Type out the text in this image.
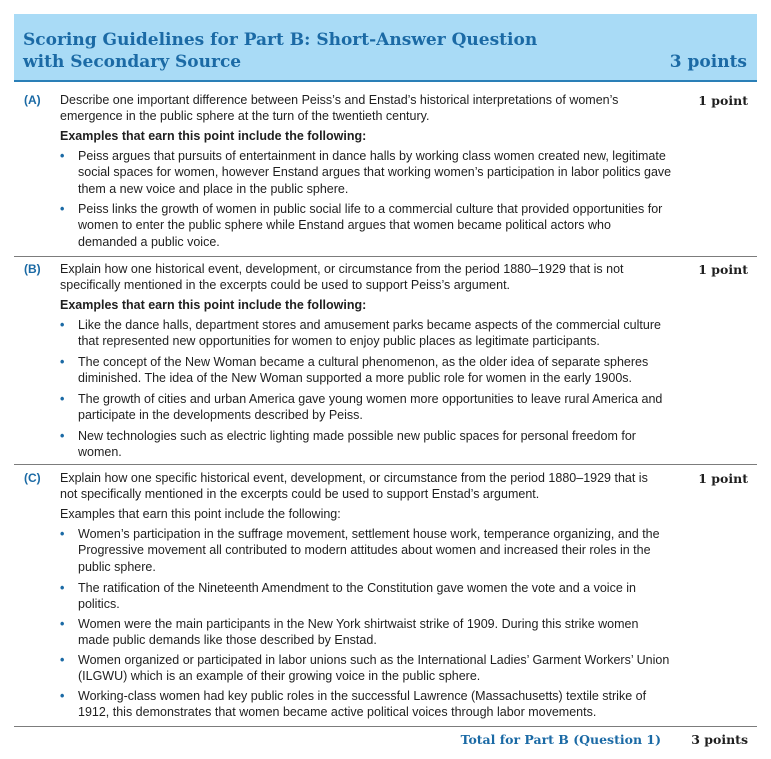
Scoring Guidelines for Part B: Short-Answer Question with Secondary Source	3 points
(A) Describe one important difference between Peiss’s and Enstad’s historical interpretations of women’s emergence in the public sphere at the turn of the twentieth century.
1 point
Examples that earn this point include the following:
•	Peiss argues that pursuits of entertainment in dance halls by working class women created new, legitimate social spaces for women, however Enstand argues that working women’s participation in labor politics gave them a new voice and place in the public sphere.
•	Peiss links the growth of women in public social life to a commercial culture that provided opportunities for women to enter the public sphere while Enstand argues that women became political actors who demanded a public voice.
(B) Explain how one historical event, development, or circumstance from the period 1880–1929 that is not specifically mentioned in the excerpts could be used to support Peiss’s argument.
1 point
Examples that earn this point include the following:
•	Like the dance halls, department stores and amusement parks became aspects of the commercial culture that represented new opportunities for women to enjoy public places as legitimate participants.
•	The concept of the New Woman became a cultural phenomenon, as the older idea of separate spheres diminished. The idea of the New Woman supported a more public role for women in the early 1900s.
•	The growth of cities and urban America gave young women more opportunities to leave rural America and participate in the developments described by Peiss.
•	New technologies such as electric lighting made possible new public spaces for personal freedom for women.
(C) Explain how one specific historical event, development, or circumstance from the period 1880–1929 that is not specifically mentioned in the excerpts could be used to support Enstad’s argument.
1 point
Examples that earn this point include the following:
•	Women’s participation in the suffrage movement, settlement house work, temperance organizing, and the Progressive movement all contributed to modern attitudes about women and increased their roles in the public sphere.
•	The ratification of the Nineteenth Amendment to the Constitution gave women the vote and a voice in politics.
•	Women were the main participants in the New York shirtwaist strike of 1909. During this strike women made public demands like those described by Enstad.
•	Women organized or participated in labor unions such as the International Ladies’ Garment Workers’ Union (ILGWU) which is an example of their growing voice in the public sphere.
•	Working-class women had key public roles in the successful Lawrence (Massachusetts) textile strike of 1912, this demonstrates that women became active political voices through labor movements.
Total for Part B (Question 1) 3 points
